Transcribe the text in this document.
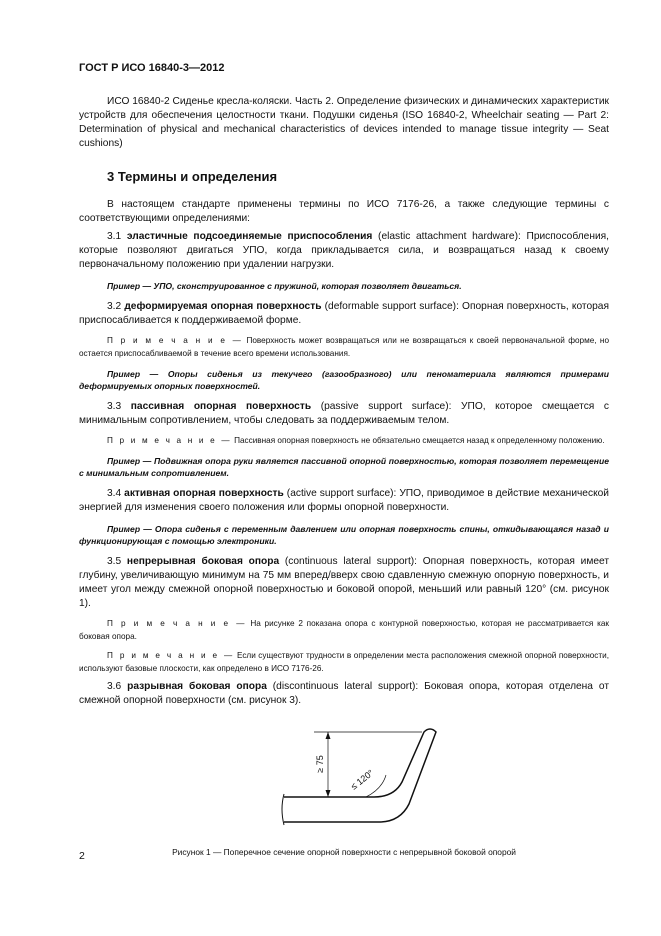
ГОСТ Р ИСО 16840-3—2012

ИСО 16840-2 Сиденье кресла-коляски. Часть 2. Определение физических и динамических характеристик устройств для обеспечения целостности ткани. Подушки сиденья (ISO 16840-2, Wheelchair seating — Part 2: Determination of physical and mechanical characteristics of devices intended to manage tissue integrity — Seat cushions)

3 Термины и определения

В настоящем стандарте применены термины по ИСО 7176-26, а также следующие термины с соответствующими определениями:

3.1 эластичные подсоединяемые приспособления (elastic attachment hardware): Приспособления, которые позволяют двигаться УПО, когда прикладывается сила, и возвращаться назад к своему первоначальному положению при удалении нагрузки.

Пример — УПО, сконструированное с пружиной, которая позволяет двигаться.

3.2 деформируемая опорная поверхность (deformable support surface): Опорная поверхность, которая приспосабливается к поддерживаемой форме.

П р и м е ч а н и е — Поверхность может возвращаться или не возвращаться к своей первоначальной форме, но остается приспосабливаемой в течение всего времени использования.

Пример — Опоры сиденья из текучего (газообразного) или пеноматериала являются примерами деформируемых опорных поверхностей.

3.3 пассивная опорная поверхность (passive support surface): УПО, которое смещается с минимальным сопротивлением, чтобы следовать за поддерживаемым телом.

П р и м е ч а н и е — Пассивная опорная поверхность не обязательно смещается назад к определенному положению.

Пример — Подвижная опора руки является пассивной опорной поверхностью, которая позволяет перемещение с минимальным сопротивлением.

3.4 активная опорная поверхность (active support surface): УПО, приводимое в действие механической энергией для изменения своего положения или формы опорной поверхности.

Пример — Опора сиденья с переменным давлением или опорная поверхность спины, откидывающаяся назад и функционирующая с помощью электроники.

3.5 непрерывная боковая опора (continuous lateral support): Опорная поверхность, которая имеет глубину, увеличивающую минимум на 75 мм вперед/вверх свою сдавленную смежную опорную поверхность, и имеет угол между смежной опорной поверхностью и боковой опорой, меньший или равный 120° (см. рисунок 1).

П р и м е ч а н и е — На рисунке 2 показана опора с контурной поверхностью, которая не рассматривается как боковая опора.

П р и м е ч а н и е — Если существуют трудности в определении места расположения смежной опорной поверхности, используют базовые плоскости, как определено в ИСО 7176-26.

3.6 разрывная боковая опора (discontinuous lateral support): Боковая опора, которая отделена от смежной опорной поверхности (см. рисунок 3).

≥ 75
≤ 120°
Рисунок 1 — Поперечное сечение опорной поверхности с непрерывной боковой опорой
2
